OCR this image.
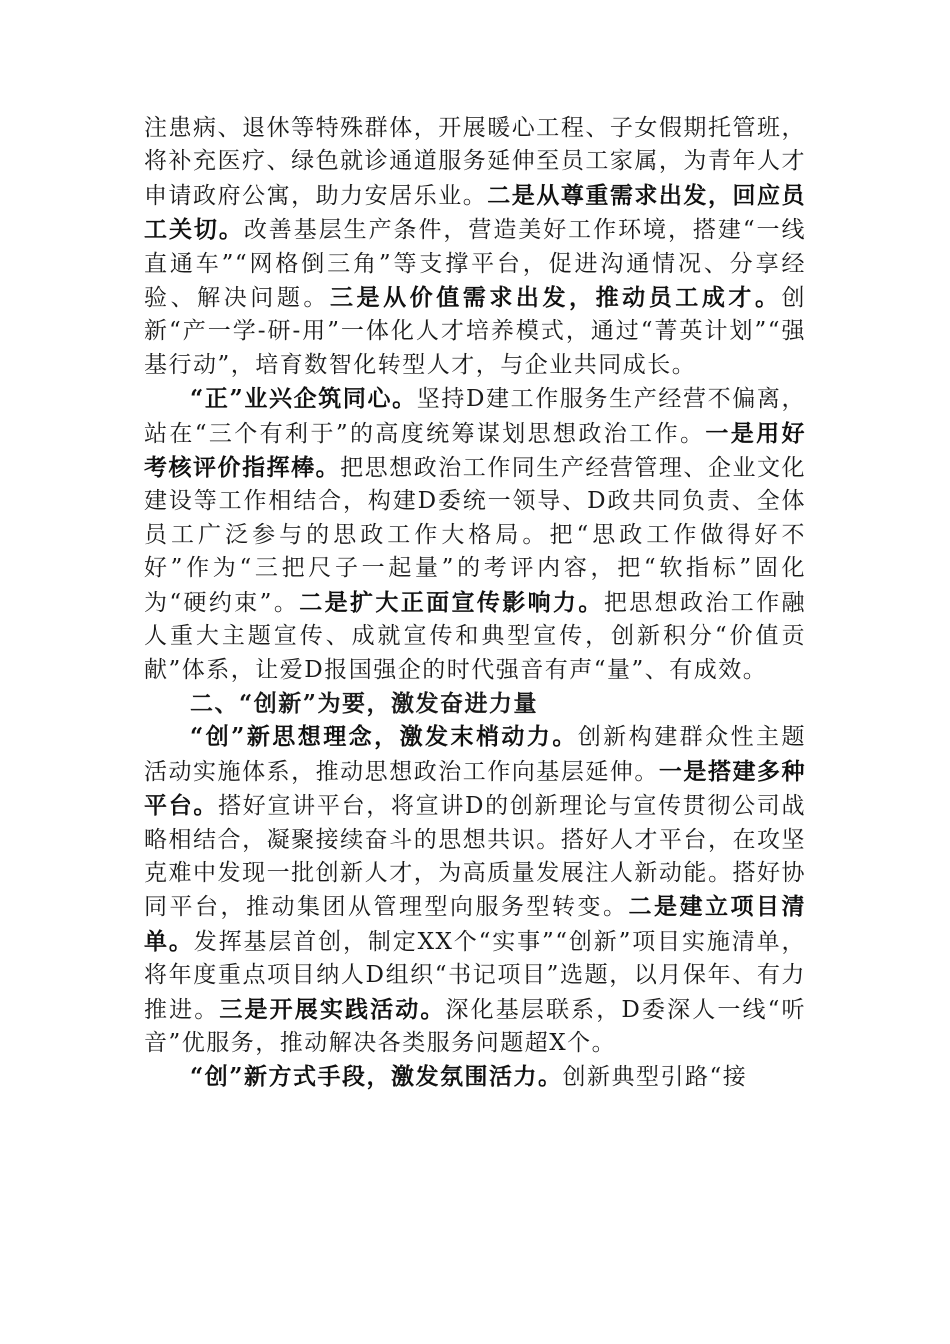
注患病、退休等特殊群体，开展暖心工程、子女假期托管班，将补充医疗、绿色就诊通道服务延伸至员工家属，为青年人才申请政府公寓，助力安居乐业。二是从尊重需求出发，回应员工关切。改善基层生产条件，营造美好工作环境，搭建“一线直通车”“网格倒三角”等支撑平台，促进沟通情况、分享经验、解决问题。三是从价值需求出发，推动员工成才。创新“产一学-研-用”一体化人才培养模式，通过“菁英计划”“强基行动”，培育数智化转型人才，与企业共同成长。

“正”业兴企筑同心。坚持D建工作服务生产经营不偏离，站在“三个有利于”的高度统筹谋划思想政治工作。一是用好考核评价指挥棒。把思想政治工作同生产经营管理、企业文化建设等工作相结合，构建D委统一领导、D政共同负责、全体员工广泛参与的思政工作大格局。把“思政工作做得好不好”作为“三把尺子一起量”的考评内容，把“软指标”固化为“硬约束”。二是扩大正面宣传影响力。把思想政治工作融人重大主题宣传、成就宣传和典型宣传，创新积分“价值贡献”体系，让爱D报国强企的时代强音有声“量”、有成效。

二、“创新”为要，激发奋进力量

“创”新思想理念，激发末梢动力。创新构建群众性主题活动实施体系，推动思想政治工作向基层延伸。一是搭建多种平台。搭好宣讲平台，将宣讲D的创新理论与宣传贯彻公司战略相结合，凝聚接续奋斗的思想共识。搭好人才平台，在攻坚克难中发现一批创新人才，为高质量发展注人新动能。搭好协同平台，推动集团从管理型向服务型转变。二是建立项目清单。发挥基层首创，制定XX个“实事”“创新”项目实施清单，将年度重点项目纳人D组织“书记项目”选题，以月保年、有力推进。三是开展实践活动。深化基层联系，D委深人一线“听音”优服务，推动解决各类服务问题超X个。

“创”新方式手段，激发氛围活力。创新典型引路“接
